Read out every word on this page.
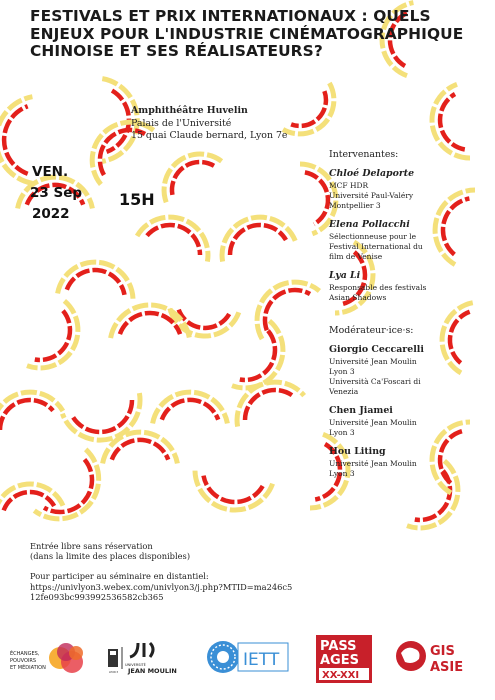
FESTIVALS ET PRIX INTERNATIONAUX : QUELS
ENJEUX POUR L'INDUSTRIE CINÉMATOGRAPHIQUE
CHINOISE ET SES RÉALISATEURS?
Amphithéâtre Huvelin
Palais de l'Université
15 quai Claude bernard, Lyon 7e
VEN.
23 Sep
2022
15H
Intervenantes:
Chloé Delaporte
MCF HDR
Université Paul-Valéry
Montpellier 3
Elena Pollacchi
Sélectionneuse pour le
Festival International du
film de Venise
Lya Li
Responsable des festivals
Asian Shadows
Modérateur·ice·s:
Giorgio Ceccarelli
Université Jean Moulin
Lyon 3
Università Ca'Foscari di
Venezia
Chen Jiamei
Université Jean Moulin
Lyon 3
Hou Liting
Université Jean Moulin
Lyon 3
Entrée libre sans réservation
(dans la limite des places disponibles)
Pour participer au séminaire en distantiel:
https://univlyon3.webex.com/univlyon3/j.php?MTID=ma246c5
12fe093bc993992536582cb365
ÉCHANGES,
POUVOIRS
ET MÉDIATION	UNIVERSITÉ
JEAN MOULIN
LYON 3
IETT
PASS
AGES
XX-XXI
GIS
ASIE
